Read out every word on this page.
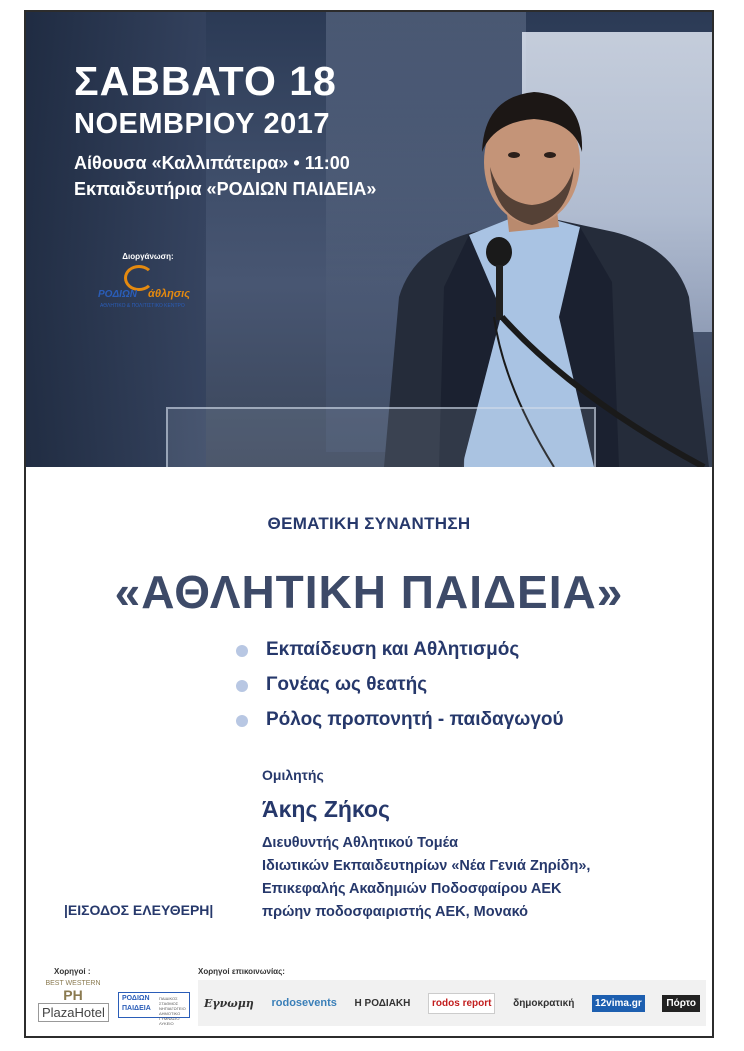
ΣΑΒΒΑΤΟ 18
ΝΟΕΜΒΡΙΟΥ 2017
Αίθουσα «Καλλιπάτειρα» • 11:00
Εκπαιδευτήρια «ΡΟΔΙΩΝ ΠΑΙΔΕΙΑ»
Διοργάνωση:
ΡΟΔΙΩΝ άθλησις
ΑΘΛΗΤΙΚΟ & ΠΟΛΙΤΙΣΤΙΚΟ ΚΕΝΤΡΟ
ΘΕΜΑΤΙΚΗ ΣΥΝΑΝΤΗΣΗ
«ΑΘΛΗΤΙΚΗ ΠΑΙΔΕΙΑ»
Εκπαίδευση και Αθλητισμός
Γονέας ως θεατής
Ρόλος προπονητή - παιδαγωγού
Ομιλητής
Άκης Ζήκος
Διευθυντής Αθλητικού Τομέα
Ιδιωτικών Εκπαιδευτηρίων «Νέα Γενιά Ζηρίδη»,
Επικεφαλής Ακαδημιών Ποδοσφαίρου ΑΕΚ
πρώην ποδοσφαιριστής ΑΕΚ, Μονακό
|ΕΙΣΟΔΟΣ ΕΛΕΥΘΕΡΗ|
Χορηγοί :	Χορηγοί επικοινωνίας:
BEST WESTERN
PH
PlazaHotel
ΡΟΔΙΩΝ
ΠΑΙΔΕΙΑ
ΠΑΙΔΙΚΟΣ ΣΤΑΘΜΟΣ ΝΗΠΙΑΓΩΓΕΙΟ ΔΗΜΟΤΙΚΟ ΓΥΜΝΑΣΙΟ ΛΥΚΕΙΟ
Εγνωμη rodosevents Η ΡΟΔΙΑΚΗ	rodos report	δημοκρατική	12vima.gr	Πόρτο
